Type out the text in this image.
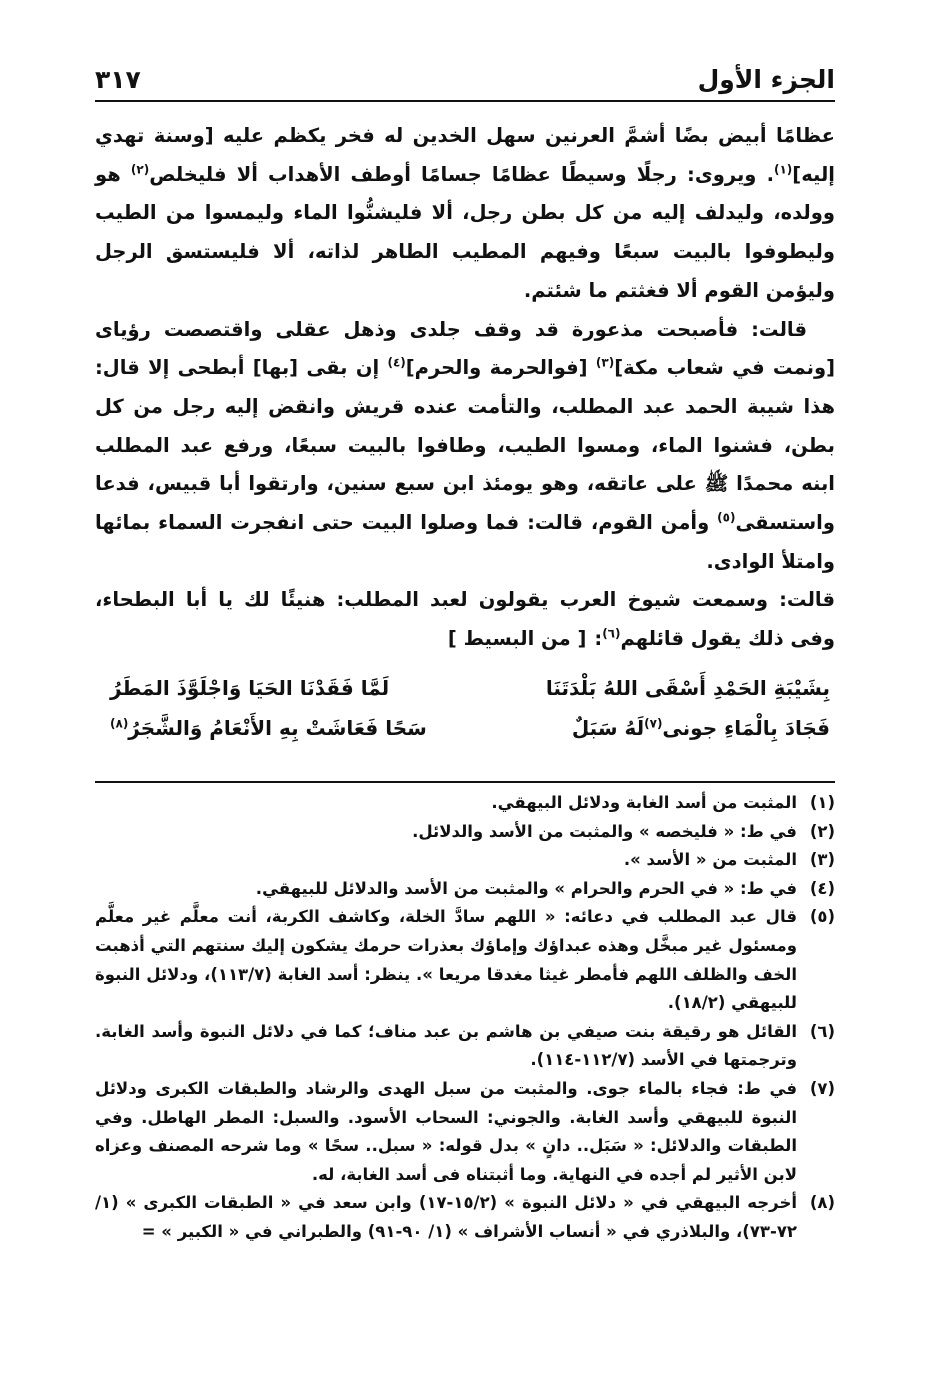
الجزء الأول
٣١٧

عظامًا أبيض بضًا أشمَّ العرنين سهل الخدين له فخر يكظم عليه [وسنة تهدي إليه]$^{(١)}$. ويروى: رجلًا وسيطًا عظامًا جسامًا أوطف الأهداب ألا فليخلص$^{(٢)}$ هو وولده، وليدلف إليه من كل بطن رجل، ألا فليشنُّوا الماء وليمسوا من الطيب وليطوفوا بالبيت سبعًا وفيهم المطيب الطاهر لذاته، ألا فليستسق الرجل وليؤمن القوم ألا فغثتم ما شئتم.

قالت: فأصبحت مذعورة قد وقف جلدى وذهل عقلى واقتصصت رؤياى [ونمت في شعاب مكة]$^{(٣)}$ [فوالحرمة والحرم]$^{(٤)}$ إن بقى [بها] أبطحى إلا قال: هذا شيبة الحمد عبد المطلب، والتأمت عنده قريش وانقض إليه رجل من كل بطن، فشنوا الماء، ومسوا الطيب، وطافوا بالبيت سبعًا، ورفع عبد المطلب ابنه محمدًا ﷺ على عاتقه، وهو يومئذ ابن سبع سنين، وارتقوا أبا قبيس، فدعا واستسقى$^{(٥)}$ وأمن القوم، قالت: فما وصلوا البيت حتى انفجرت السماء بمائها وامتلأ الوادى.

قالت: وسمعت شيوخ العرب يقولون لعبد المطلب: هنيئًا لك يا أبا البطحاء، وفى ذلك يقول قائلهم$^{(٦)}$:[ من البسيط ]

بِشَيْبَةِ الحَمْدِ أَسْقَى اللهُ بَلْدَتَنَا
لَمَّا فَقَدْنَا الحَيَا وَاجْلَوَّذَ المَطَرُ
فَجَادَ بِالْمَاءِ جونى$^{(٧)}$لَهُ سَبَلٌ
سَحًا فَعَاشَتْ بِهِ الأَنْعَامُ وَالشَّجَرُ$^{(٨)}$
(١)
المثبت من أسد الغابة ودلائل البيهقي.
(٢)
في ط: « فليخصه » والمثبت من الأسد والدلائل.
(٣)
المثبت من « الأسد ».
(٤)
في ط: « في الحرم والحرام » والمثبت من الأسد والدلائل للبيهقي.
(٥)
قال عبد المطلب في دعائه: « اللهم سادَّ الخلة، وكاشف الكربة، أنت معلَّم غير معلَّم ومسئول غير مبخَّل وهذه عبداؤك وإماؤك بعذرات حرمك يشكون إليك سنتهم التي أذهبت الخف والظلف اللهم فأمطر غيثا مغدقا مريعا ». ينظر: أسد الغابة (١١٣/٧)، ودلائل النبوة للبيهقي (١٨/٢).
(٦)
القائل هو رقيقة بنت صيفي بن هاشم بن عبد مناف؛ كما في دلائل النبوة وأسد الغابة. وترجمتها في الأسد (١١٢/٧-١١٤).
(٧)
في ط: فجاء بالماء جوى. والمثبت من سبل الهدى والرشاد والطبقات الكبرى ودلائل النبوة للبيهقي وأسد الغابة. والجوني: السحاب الأسود. والسبل: المطر الهاطل. وفي الطبقات والدلائل: « سَبَل.. دانٍ » بدل قوله: « سبل.. سحًا » وما شرحه المصنف وعزاه لابن الأثير لم أجده في النهاية. وما أثبتناه فى أسد الغابة، له.
(٨)
أخرجه البيهقي في « دلائل النبوة » (١٥/٢-١٧) وابن سعد في « الطبقات الكبرى » (١/ ٧٢-٧٣)، والبلاذري في « أنساب الأشراف » (١/ ٩٠-٩١) والطبراني في « الكبير » =
